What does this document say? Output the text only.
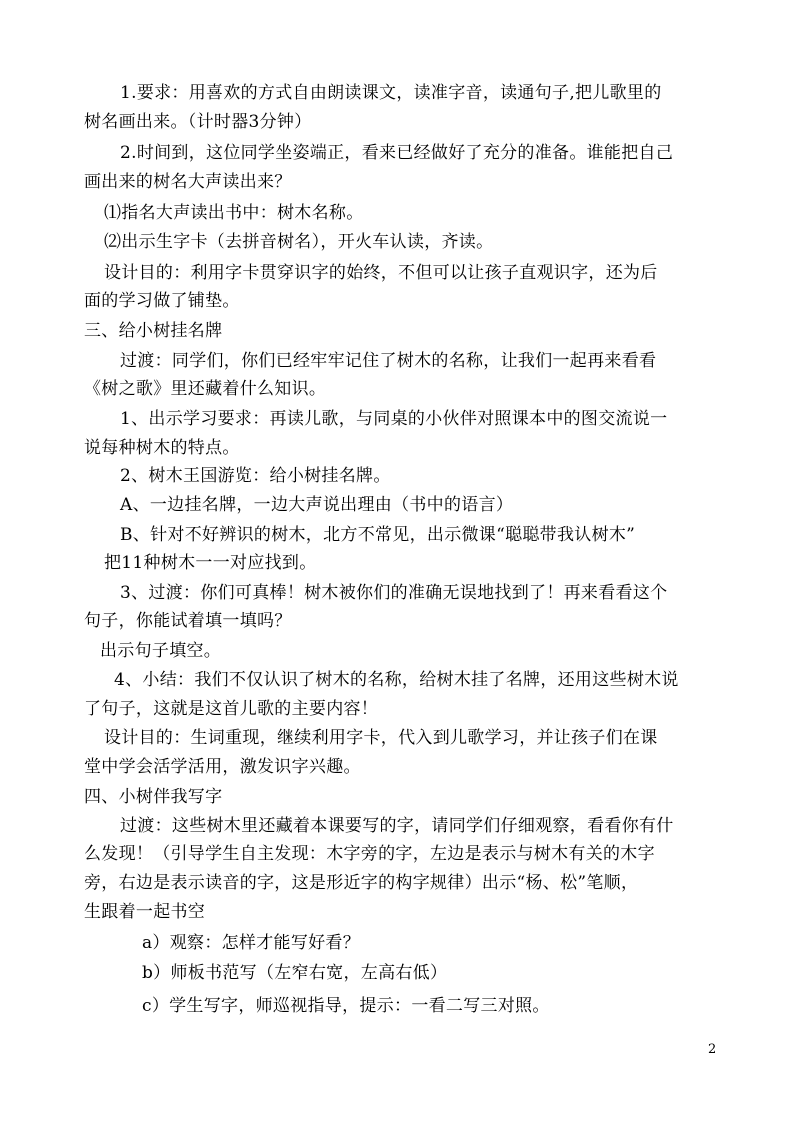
1.要求：用喜欢的方式自由朗读课文，读准字音，读通句子,把儿歌里的
树名画出来。（计时器3分钟）
2.时间到，这位同学坐姿端正，看来已经做好了充分的准备。谁能把自己
画出来的树名大声读出来？
⑴指名大声读出书中：树木名称。
⑵出示生字卡（去拼音树名），开火车认读，齐读。
设计目的：利用字卡贯穿识字的始终，不但可以让孩子直观识字，还为后
面的学习做了铺垫。
三、给小树挂名牌
过渡：同学们，你们已经牢牢记住了树木的名称，让我们一起再来看看
《树之歌》里还藏着什么知识。
1、出示学习要求：再读儿歌，与同桌的小伙伴对照课本中的图交流说一
说每种树木的特点。
2、树木王国游览：给小树挂名牌。
A、一边挂名牌，一边大声说出理由（书中的语言）
B、针对不好辨识的树木，北方不常见，出示微课“聪聪带我认树木”
把11种树木一一对应找到。
3、过渡：你们可真棒！树木被你们的准确无误地找到了！再来看看这个
句子，你能试着填一填吗？
出示句子填空。
4、小结：我们不仅认识了树木的名称，给树木挂了名牌，还用这些树木说
了句子，这就是这首儿歌的主要内容！
设计目的：生词重现，继续利用字卡，代入到儿歌学习，并让孩子们在课
堂中学会活学活用，激发识字兴趣。
四、小树伴我写字
过渡：这些树木里还藏着本课要写的字，请同学们仔细观察，看看你有什
么发现！（引导学生自主发现：木字旁的字，左边是表示与树木有关的木字
旁，右边是表示读音的字，这是形近字的构字规律）出示“杨、松”笔顺，
生跟着一起书空
a）观察：怎样才能写好看？
b）师板书范写（左窄右宽，左高右低）
c）学生写字，师巡视指导，提示：一看二写三对照。
2
